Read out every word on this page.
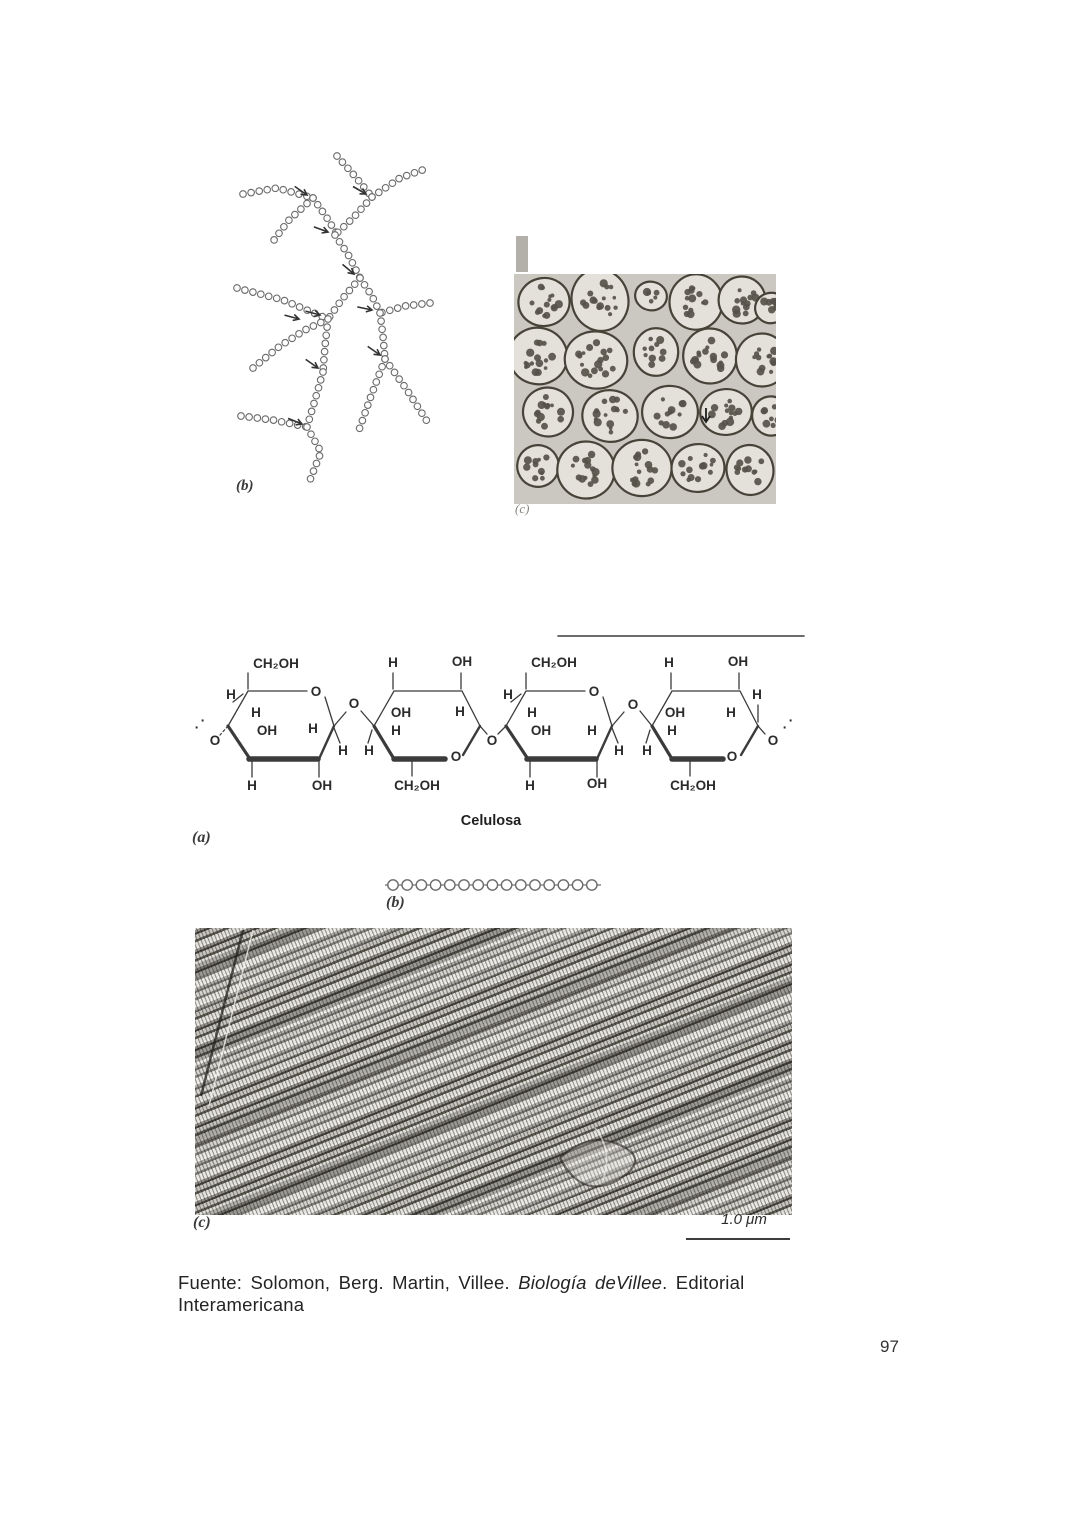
(b)
(c)
CH₂OH
H	O
H
OH H
O
H
H	OH
O
· ·
H	OH
OH
H
H
H	O
CH₂OH
O
CH₂OH
H	O
H
OH	H
O
H
H	OH
H	OH
OH
H
H
H
H	O
CH₂OH
O
· ·
Celulosa
(a)
(b)
(c)	1.0 μm
Fuente: Solomon, Berg. Martin, Villee. Biología deVillee. Editorial Interamericana
97
